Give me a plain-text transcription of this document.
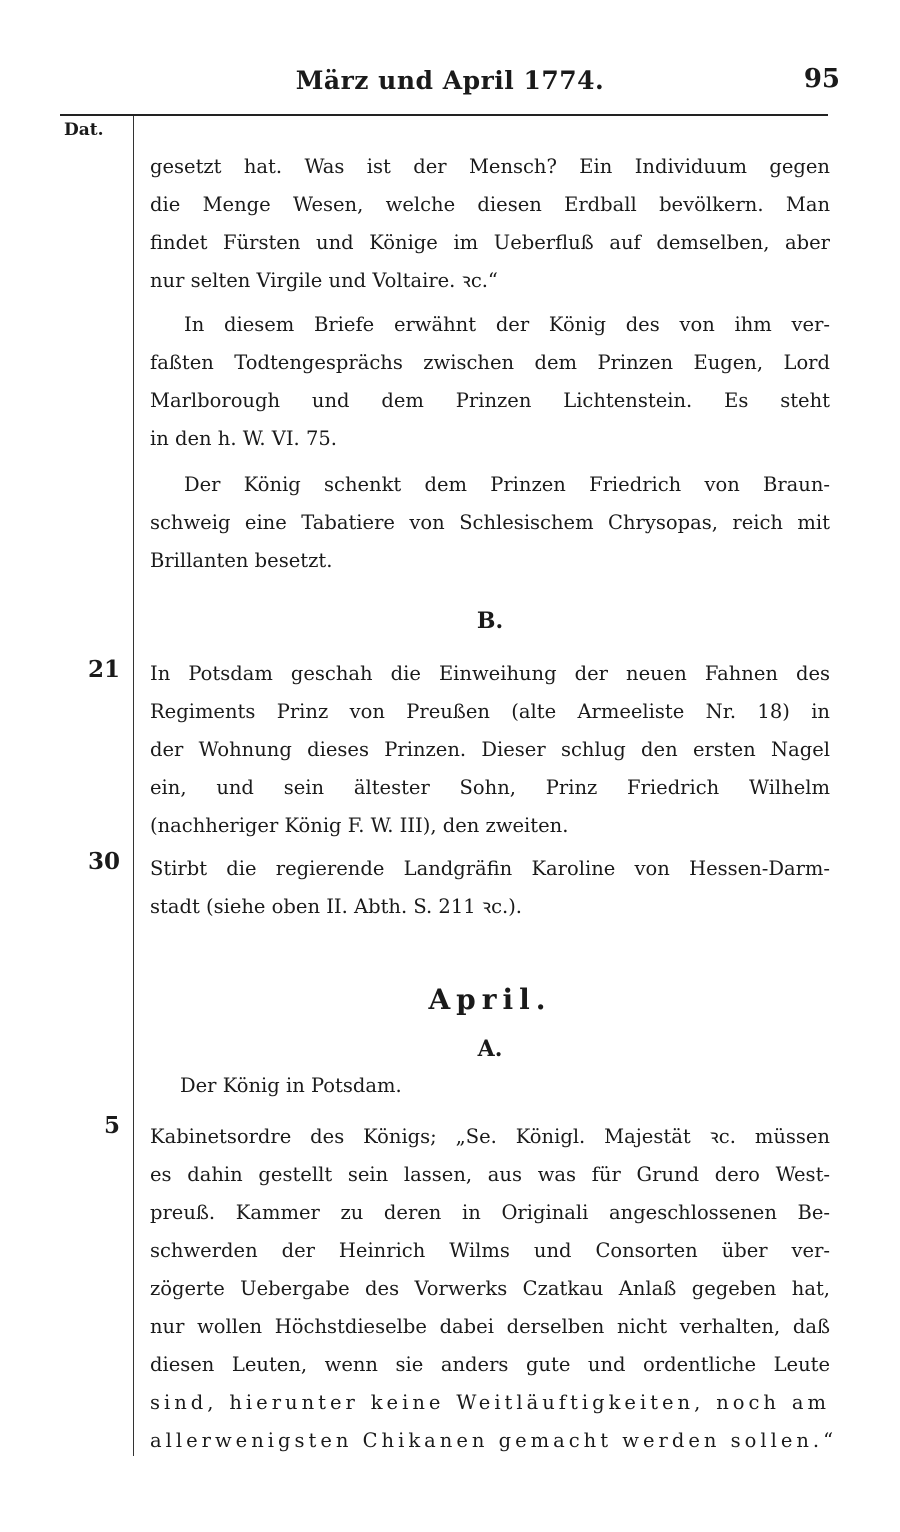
März und April 1774.	95
Dat.
gesetzt hat. Was ist der Mensch? Ein Individuum gegen
die Menge Wesen, welche diesen Erdball bevölkern. Man
findet Fürsten und Könige im Ueberfluß auf demselben, aber
nur selten Virgile und Voltaire. ꝛc.“
In diesem Briefe erwähnt der König des von ihm ver-
faßten Todtengesprächs zwischen dem Prinzen Eugen, Lord
Marlborough und dem Prinzen Lichtenstein. Es steht
in den h. W. VI. 75.
Der König schenkt dem Prinzen Friedrich von Braun-
schweig eine Tabatiere von Schlesischem Chrysopas, reich mit
Brillanten besetzt.
B.
21 In Potsdam geschah die Einweihung der neuen Fahnen des
Regiments Prinz von Preußen (alte Armeeliste Nr. 18) in
der Wohnung dieses Prinzen. Dieser schlug den ersten Nagel
ein, und sein ältester Sohn, Prinz Friedrich Wilhelm
(nachheriger König F. W. III), den zweiten.
30 Stirbt die regierende Landgräfin Karoline von Hessen-Darm-
stadt (siehe oben II. Abth. S. 211 ꝛc.).
April.
A.
Der König in Potsdam.
5 Kabinetsordre des Königs; „Se. Königl. Majestät ꝛc. müssen
es dahin gestellt sein lassen, aus was für Grund dero West-
preuß. Kammer zu deren in Originali angeschlossenen Be-
schwerden der Heinrich Wilms und Consorten über ver-
zögerte Uebergabe des Vorwerks Czatkau Anlaß gegeben hat,
nur wollen Höchstdieselbe dabei derselben nicht verhalten, daß
diesen Leuten, wenn sie anders gute und ordentliche Leute
sind, hierunter keine Weitläuftigkeiten, noch am
allerwenigsten Chikanen gemacht werden sollen.“
